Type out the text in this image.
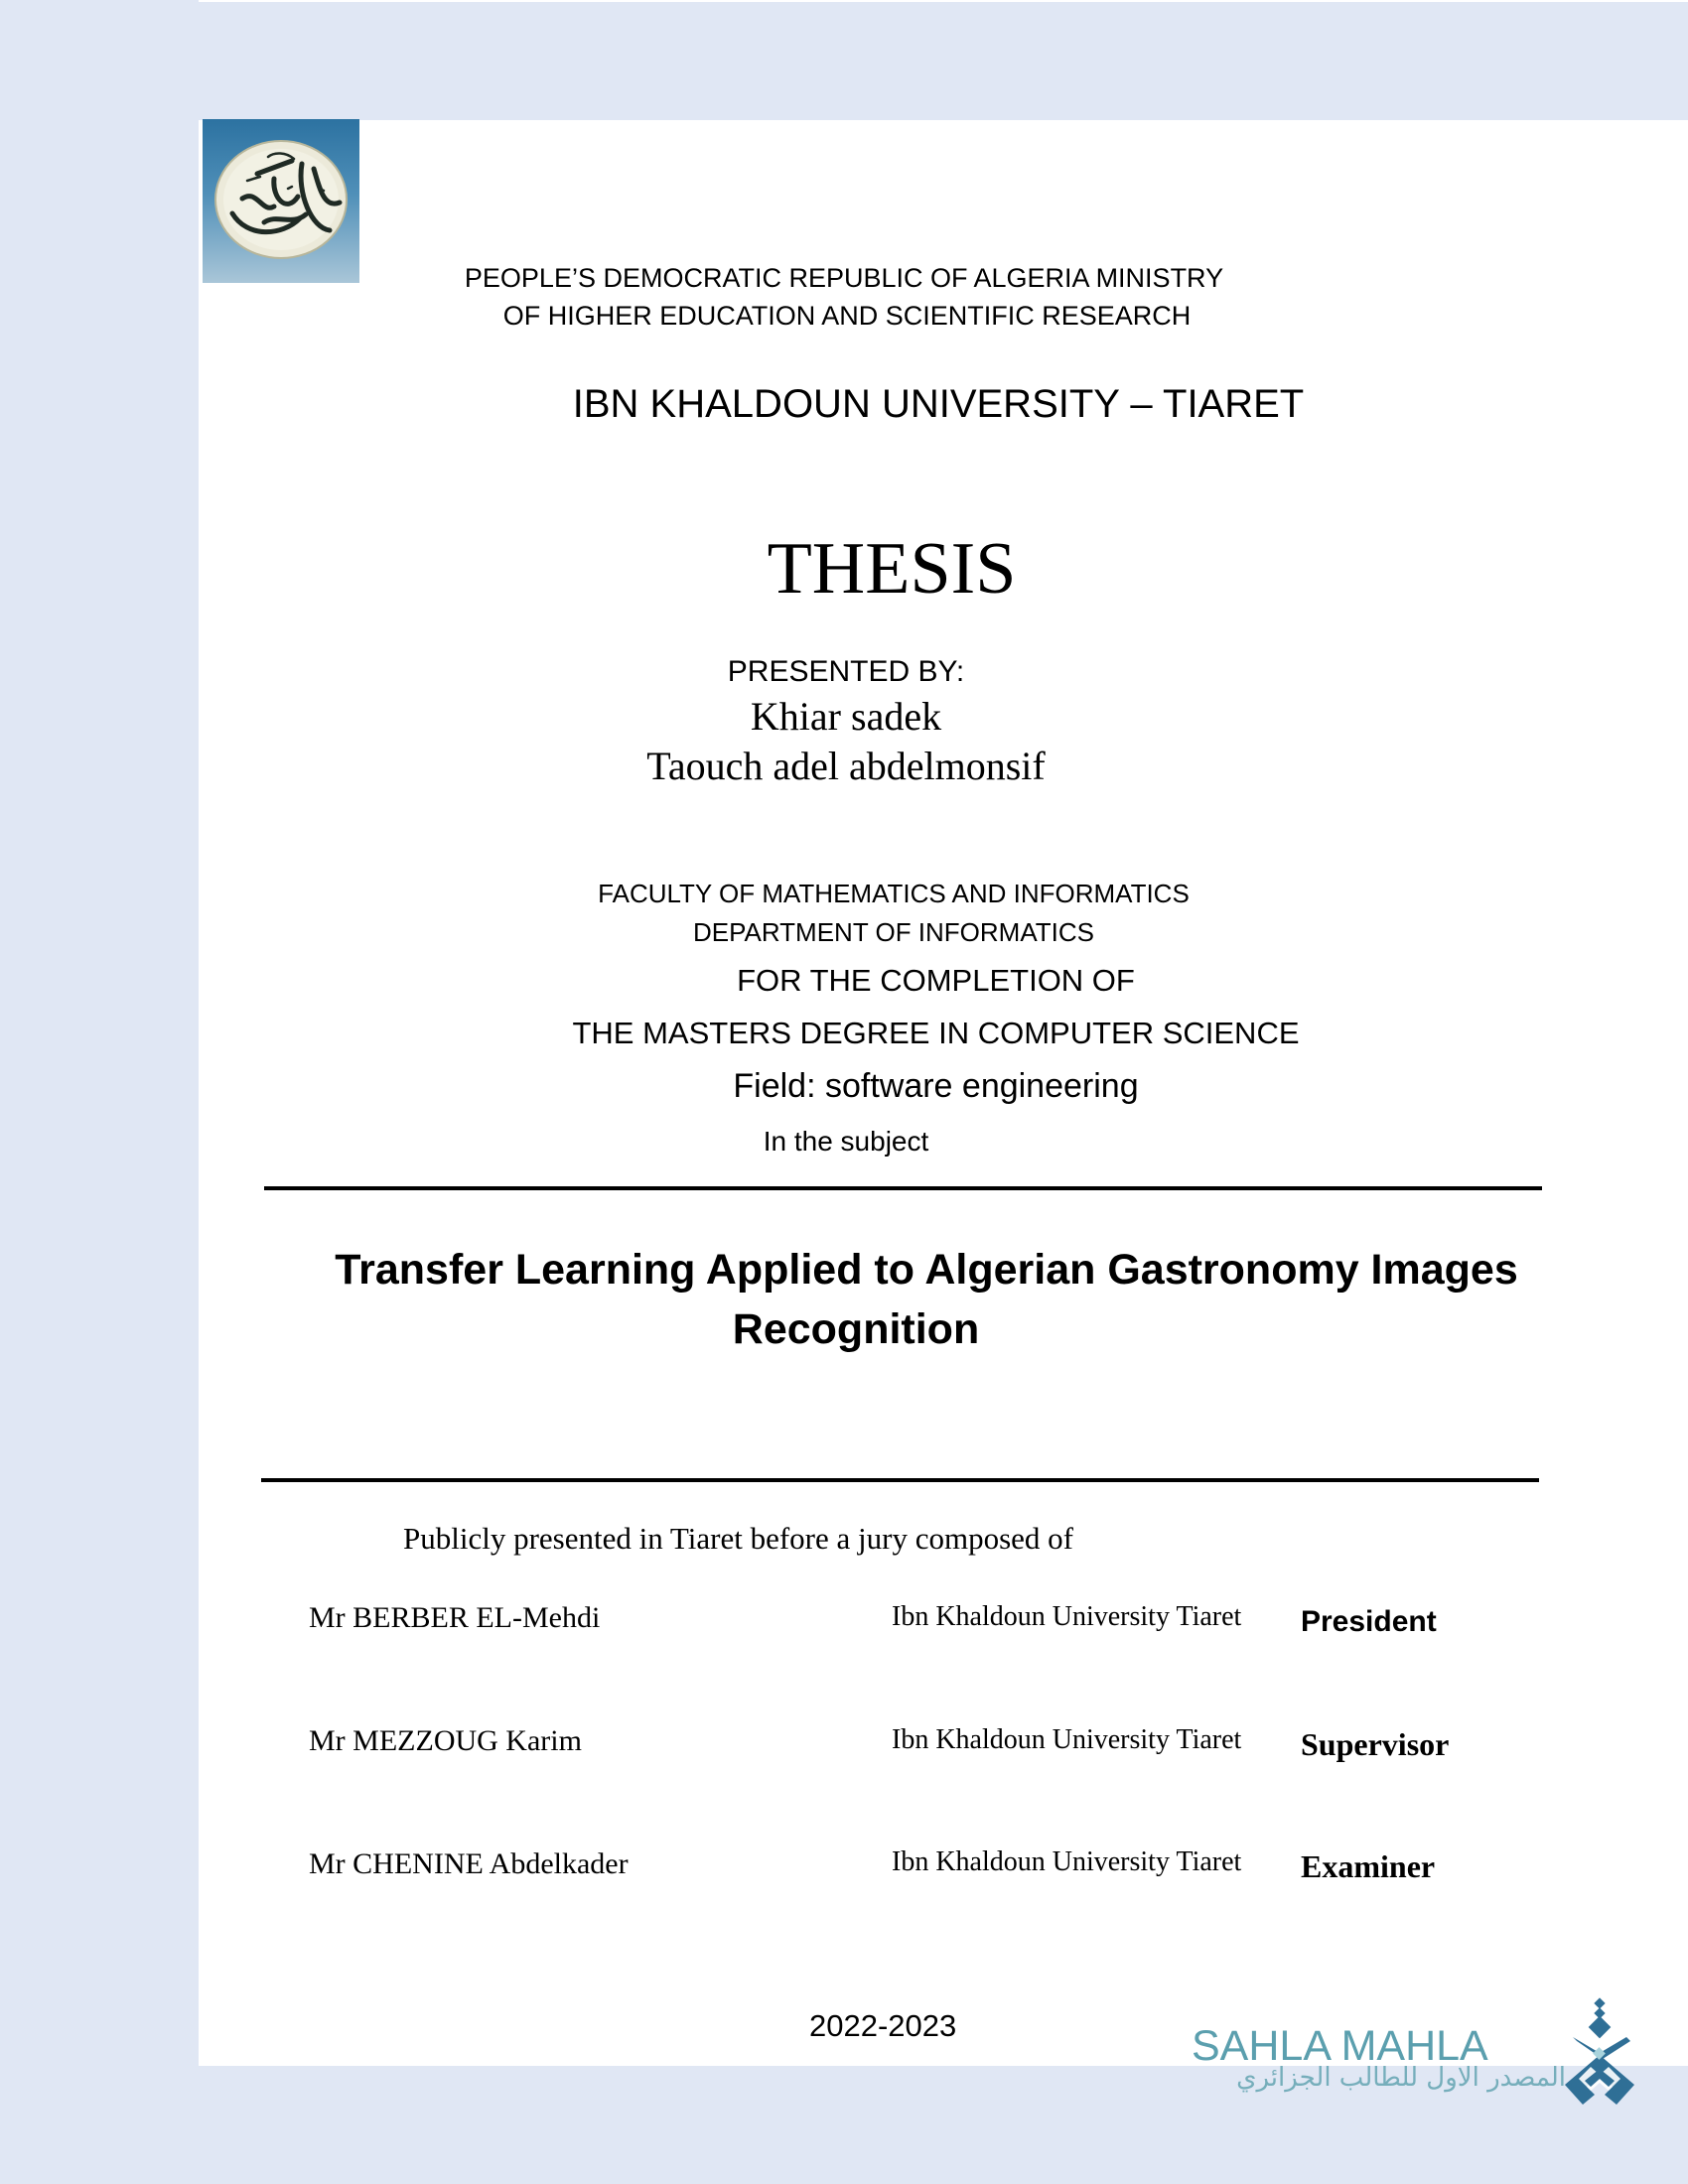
PEOPLE’S DEMOCRATIC REPUBLIC OF ALGERIA MINISTRY
OF HIGHER EDUCATION AND SCIENTIFIC RESEARCH
IBN KHALDOUN UNIVERSITY – TIARET
THESIS
PRESENTED BY:
Khiar sadek
Taouch adel abdelmonsif
FACULTY OF MATHEMATICS AND INFORMATICS
DEPARTMENT OF INFORMATICS
FOR THE COMPLETION OF
THE MASTERS DEGREE IN COMPUTER SCIENCE
Field: software engineering
In the subject
Transfer Learning Applied to Algerian Gastronomy Images
Recognition
Publicly presented in Tiaret before a jury composed of
Mr BERBER EL-Mehdi	Ibn Khaldoun University Tiaret President
Mr MEZZOUG Karim	Ibn Khaldoun University Tiaret Supervisor
Mr CHENINE Abdelkader	Ibn Khaldoun University Tiaret Examiner
2022-2023	SAHLA MAHLA
المصدر الاول للطالب الجزائري
